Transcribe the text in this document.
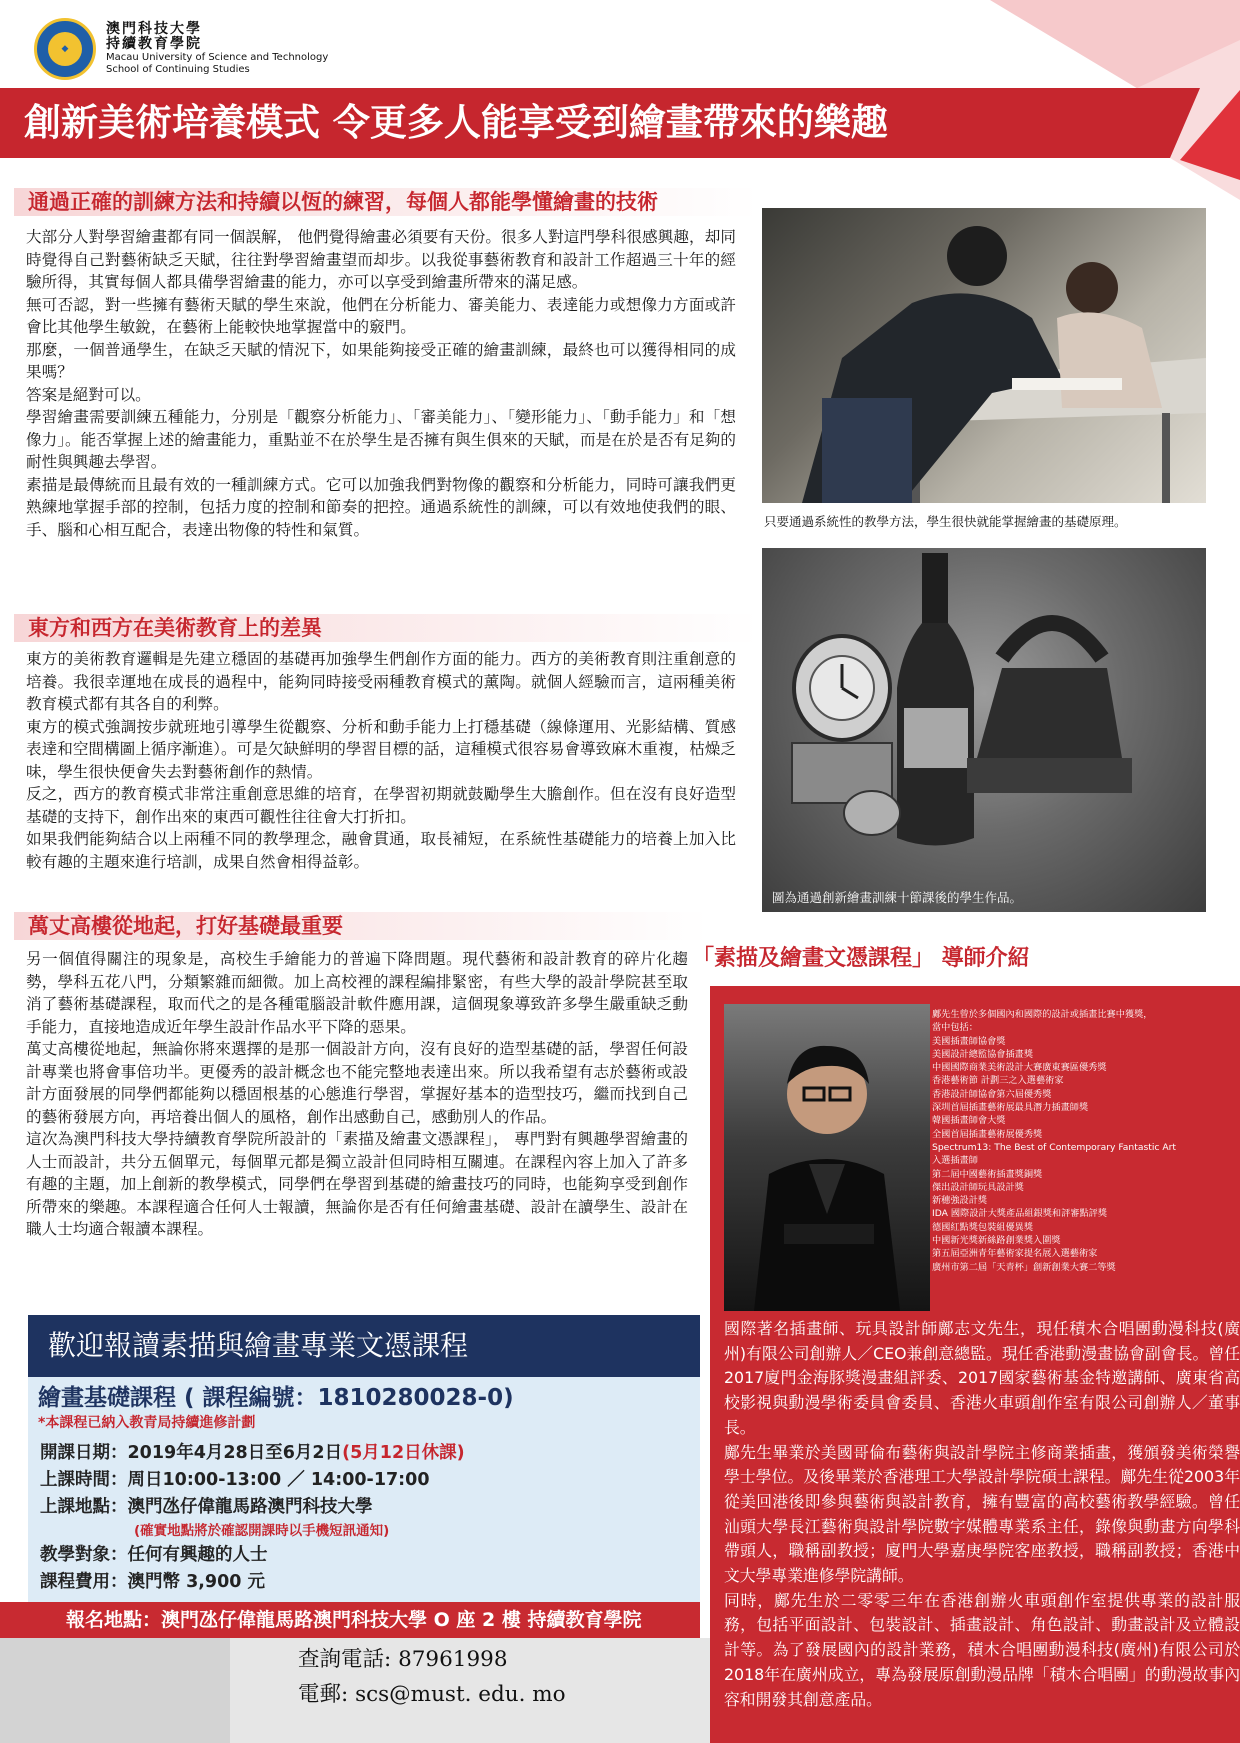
◆
澳門科技大學
持續教育學院
Macau University of Science and Technology
School of Continuing Studies
創新美術培養模式 令更多人能享受到繪畫帶來的樂趣
通過正確的訓練方法和持續以恆的練習，每個人都能學懂繪畫的技術

大部分人對學習繪畫都有同一個誤解， 他們覺得繪畫必須要有天份。很多人對這門學科很感興趣，却同時覺得自己對藝術缺乏天賦，往往對學習繪畫望而却步。以我從事藝術教育和設計工作超過三十年的經驗所得，其實每個人都具備學習繪畫的能力，亦可以享受到繪畫所帶來的滿足感。

無可否認，對一些擁有藝術天賦的學生來說，他們在分析能力、審美能力、表達能力或想像力方面或許會比其他學生敏銳，在藝術上能較快地掌握當中的竅門。

那麼，一個普通學生，在缺乏天賦的情況下，如果能夠接受正確的繪畫訓練，最終也可以獲得相同的成果嗎？

答案是絕對可以。

學習繪畫需要訓練五種能力，分別是「觀察分析能力」、「審美能力」、「變形能力」、「動手能力」和「想像力」。能否掌握上述的繪畫能力，重點並不在於學生是否擁有與生俱來的天賦，而是在於是否有足夠的耐性與興趣去學習。

素描是最傳統而且最有效的一種訓練方式。它可以加強我們對物像的觀察和分析能力，同時可讓我們更熟練地掌握手部的控制，包括力度的控制和節奏的把控。通過系統性的訓練，可以有效地使我們的眼、手、腦和心相互配合，表達出物像的特性和氣質。

東方和西方在美術教育上的差異

東方的美術教育邏輯是先建立穩固的基礎再加強學生們創作方面的能力。西方的美術教育則注重創意的培養。我很幸運地在成長的過程中，能夠同時接受兩種教育模式的薰陶。就個人經驗而言，這兩種美術教育模式都有其各自的利弊。

東方的模式強調按步就班地引導學生從觀察、分析和動手能力上打穩基礎（線條運用、光影結構、質感表達和空間構圖上循序漸進）。可是欠缺鮮明的學習目標的話，這種模式很容易會導致麻木重複，枯燥乏味，學生很快便會失去對藝術創作的熱情。

反之，西方的教育模式非常注重創意思維的培育，在學習初期就鼓勵學生大膽創作。但在沒有良好造型基礎的支持下，創作出來的東西可觀性往往會大打折扣。

如果我們能夠結合以上兩種不同的教學理念，融會貫通，取長補短，在系統性基礎能力的培養上加入比較有趣的主題來進行培訓，成果自然會相得益彰。

萬丈高樓從地起，打好基礎最重要

另一個值得關注的現象是，高校生手繪能力的普遍下降問題。現代藝術和設計教育的碎片化趨勢，學科五花八門，分類繁雜而細微。加上高校裡的課程編排緊密，有些大學的設計學院甚至取消了藝術基礎課程，取而代之的是各種電腦設計軟件應用課，這個現象導致許多學生嚴重缺乏動手能力，直接地造成近年學生設計作品水平下降的惡果。

萬丈高樓從地起，無論你將來選擇的是那一個設計方向，沒有良好的造型基礎的話，學習任何設計專業也將會事倍功半。更優秀的設計概念也不能完整地表達出來。所以我希望有志於藝術或設計方面發展的同學們都能夠以穩固根基的心態進行學習，掌握好基本的造型技巧，繼而找到自己的藝術發展方向，再培養出個人的風格，創作出感動自己，感動別人的作品。

這次為澳門科技大學持續教育學院所設計的「素描及繪畫文憑課程」， 專門對有興趣學習繪畫的人士而設計，共分五個單元，每個單元都是獨立設計但同時相互關連。在課程內容上加入了許多有趣的主題，加上創新的教學模式，同學們在學習到基礎的繪畫技巧的同時，也能夠享受到創作所帶來的樂趣。本課程適合任何人士報讀，無論你是否有任何繪畫基礎、設計在讀學生、設計在職人士均適合報讀本課程。

只要通過系統性的教學方法，學生很快就能掌握繪畫的基礎原理。
圖為通過創新繪畫訓練十節課後的學生作品。
「素描及繪畫文憑課程」 導師介紹
鄺先生曾於多個國內和國際的設計或插畫比賽中獲獎，
當中包括：
美國插畫師協會獎
美國設計總監協會插畫獎
中國國際商業美術設計大賽廣東賽區優秀獎
香港藝術節 計劃三之入選藝術家
香港設計師協會第六屆優秀獎
深圳首屆插畫藝術展最具潛力插畫師獎
韓國插畫師會大獎
全國首屆插畫藝術展優秀獎
Spectrum13: The Best of Contemporary Fantastic Art
入選插畫師
第二屆中國藝術插畫獎銅獎
傑出設計師玩具設計獎
新穗強設計獎
IDA 國際設計大獎產品組銀獎和評審點評獎
德國紅點獎包裝組優異獎
中國新光獎新絲路創業獎入圍獎
第五屆亞洲青年藝術家提名展入選藝術家
廣州市第二屆「天青杯」創新創業大賽二等獎

國際著名插畫師、玩具設計師鄺志文先生，現任積木合唱團動漫科技(廣州)有限公司創辦人／CEO兼創意總監。現任香港動漫畫協會副會長。曾任2017廈門金海豚獎漫畫組評委、2017國家藝術基金特邀講師、廣東省高校影視與動漫學術委員會委員、香港火車頭創作室有限公司創辦人／董事長。

鄺先生畢業於美國哥倫布藝術與設計學院主修商業插畫，獲頒發美術榮譽學士學位。及後畢業於香港理工大學設計學院碩士課程。鄺先生從2003年從美回港後即參與藝術與設計教育，擁有豐富的高校藝術教學經驗。曾任汕頭大學長江藝術與設計學院數字媒體專業系主任，錄像與動畫方向學科帶頭人，職稱副教授；廈門大學嘉庚學院客座教授，職稱副教授；香港中文大學專業進修學院講師。

同時，鄺先生於二零零三年在香港創辦火車頭創作室提供專業的設計服務，包括平面設計、包裝設計、插畫設計、角色設計、動畫設計及立體設計等。為了發展國內的設計業務，積木合唱團動漫科技(廣州)有限公司於2018年在廣州成立，專為發展原創動漫品牌「積木合唱團」的動漫故事內容和開發其創意產品。

歡迎報讀素描與繪畫專業文憑課程
繪畫基礎課程 ( 課程編號：1810280028-0)
*本課程已納入教青局持續進修計劃
開課日期：2019年4月28日至6月2日(5月12日休課)
上課時間：周日10:00-13:00 ／ 14:00-17:00
上課地點：澳門氹仔偉龍馬路澳門科技大學
(確實地點將於確認開課時以手機短訊通知)
教學對象：任何有興趣的人士
課程費用：澳門幣 3,900 元
報名地點：澳門氹仔偉龍馬路澳門科技大學 O 座 2 樓 持續教育學院
查詢電話: 87961998
電郵: scs@must. edu. mo
